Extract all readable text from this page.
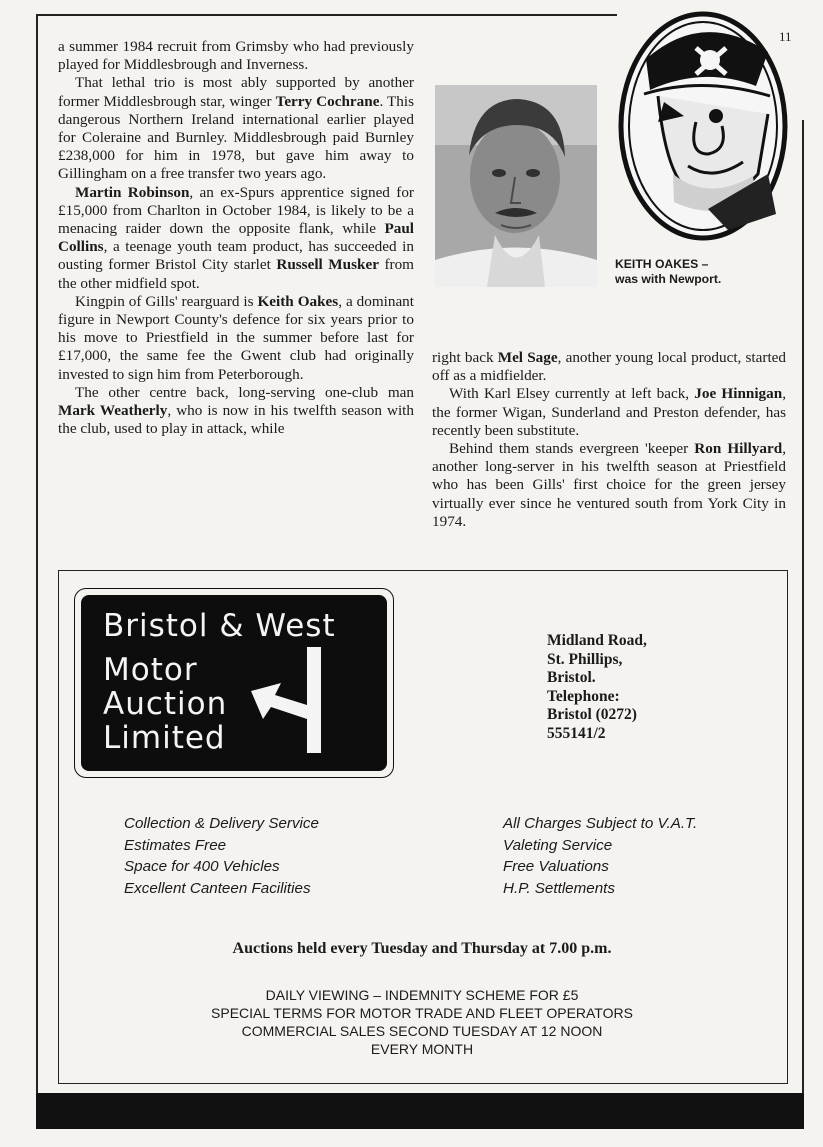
11

a summer 1984 recruit from Grimsby who had previously played for Middlesbrough and Inverness.

That lethal trio is most ably supported by another former Middlesbrough star, winger Terry Cochrane. This dangerous Northern Ireland international earlier played for Coleraine and Burnley. Middlesbrough paid Burnley £238,000 for him in 1978, but gave him away to Gillingham on a free transfer two years ago.

Martin Robinson, an ex-Spurs apprentice signed for £15,000 from Charlton in October 1984, is likely to be a menacing raider down the opposite flank, while Paul Collins, a teenage youth team product, has succeeded in ousting former Bristol City starlet Russell Musker from the other midfield spot.

Kingpin of Gills' rearguard is Keith Oakes, a dominant figure in Newport County's defence for six years prior to his move to Priestfield in the summer before last for £17,000, the same fee the Gwent club had originally invested to sign him from Peterborough.

The other centre back, long-serving one-club man Mark Weatherly, who is now in his twelfth season with the club, used to play in attack, while

right back Mel Sage, another young local product, started off as a midfielder.

With Karl Elsey currently at left back, Joe Hinnigan, the former Wigan, Sunderland and Preston defender, has recently been substitute.

Behind them stands evergreen 'keeper Ron Hillyard, another long-server in his twelfth season at Priestfield who has been Gills' first choice for the green jersey virtually ever since he ventured south from York City in 1974.

KEITH OAKES –
was with Newport.
Bristol & West
Motor
Auction
Limited
Midland Road,
St. Phillips,
Bristol.
Telephone:
Bristol (0272)
555141/2
Collection & Delivery Service
Estimates Free
Space for 400 Vehicles
Excellent Canteen Facilities
All Charges Subject to V.A.T.
Valeting Service
Free Valuations
H.P. Settlements
Auctions held every Tuesday and Thursday at 7.00 p.m.
DAILY VIEWING – INDEMNITY SCHEME FOR £5
SPECIAL TERMS FOR MOTOR TRADE AND FLEET OPERATORS
COMMERCIAL SALES SECOND TUESDAY AT 12 NOON
EVERY MONTH
